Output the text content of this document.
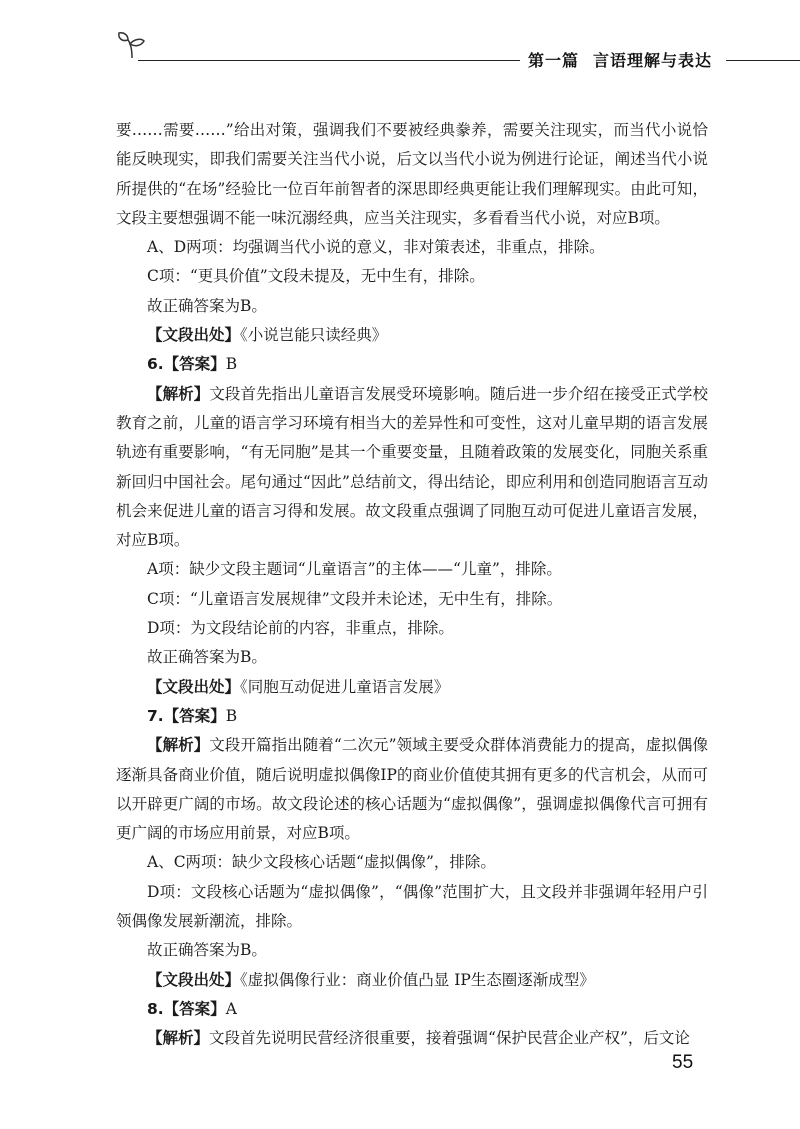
第一篇 言语理解与表达

要……需要……”给出对策，强调我们不要被经典豢养，需要关注现实，而当代小说恰能反映现实，即我们需要关注当代小说，后文以当代小说为例进行论证，阐述当代小说所提供的“在场”经验比一位百年前智者的深思即经典更能让我们理解现实。由此可知，文段主要想强调不能一味沉溺经典，应当关注现实，多看看当代小说，对应B项。

A、D两项：均强调当代小说的意义，非对策表述，非重点，排除。

C项：“更具价值”文段未提及，无中生有，排除。

故正确答案为B。

【文段出处】《小说岂能只读经典》

6.【答案】B

【解析】文段首先指出儿童语言发展受环境影响。随后进一步介绍在接受正式学校教育之前，儿童的语言学习环境有相当大的差异性和可变性，这对儿童早期的语言发展轨迹有重要影响，“有无同胞”是其一个重要变量，且随着政策的发展变化，同胞关系重新回归中国社会。尾句通过“因此”总结前文，得出结论，即应利用和创造同胞语言互动机会来促进儿童的语言习得和发展。故文段重点强调了同胞互动可促进儿童语言发展，对应B项。

A项：缺少文段主题词“儿童语言”的主体——“儿童”，排除。

C项：“儿童语言发展规律”文段并未论述，无中生有，排除。

D项：为文段结论前的内容，非重点，排除。

故正确答案为B。

【文段出处】《同胞互动促进儿童语言发展》

7.【答案】B

【解析】文段开篇指出随着“二次元”领域主要受众群体消费能力的提高，虚拟偶像逐渐具备商业价值，随后说明虚拟偶像IP的商业价值使其拥有更多的代言机会，从而可以开辟更广阔的市场。故文段论述的核心话题为“虚拟偶像”，强调虚拟偶像代言可拥有更广阔的市场应用前景，对应B项。

A、C两项：缺少文段核心话题“虚拟偶像”，排除。

D项：文段核心话题为“虚拟偶像”，“偶像”范围扩大，且文段并非强调年轻用户引领偶像发展新潮流，排除。

故正确答案为B。

【文段出处】《虚拟偶像行业：商业价值凸显 IP生态圈逐渐成型》

8.【答案】A

【解析】文段首先说明民营经济很重要，接着强调“保护民营企业产权”，后文论

55
